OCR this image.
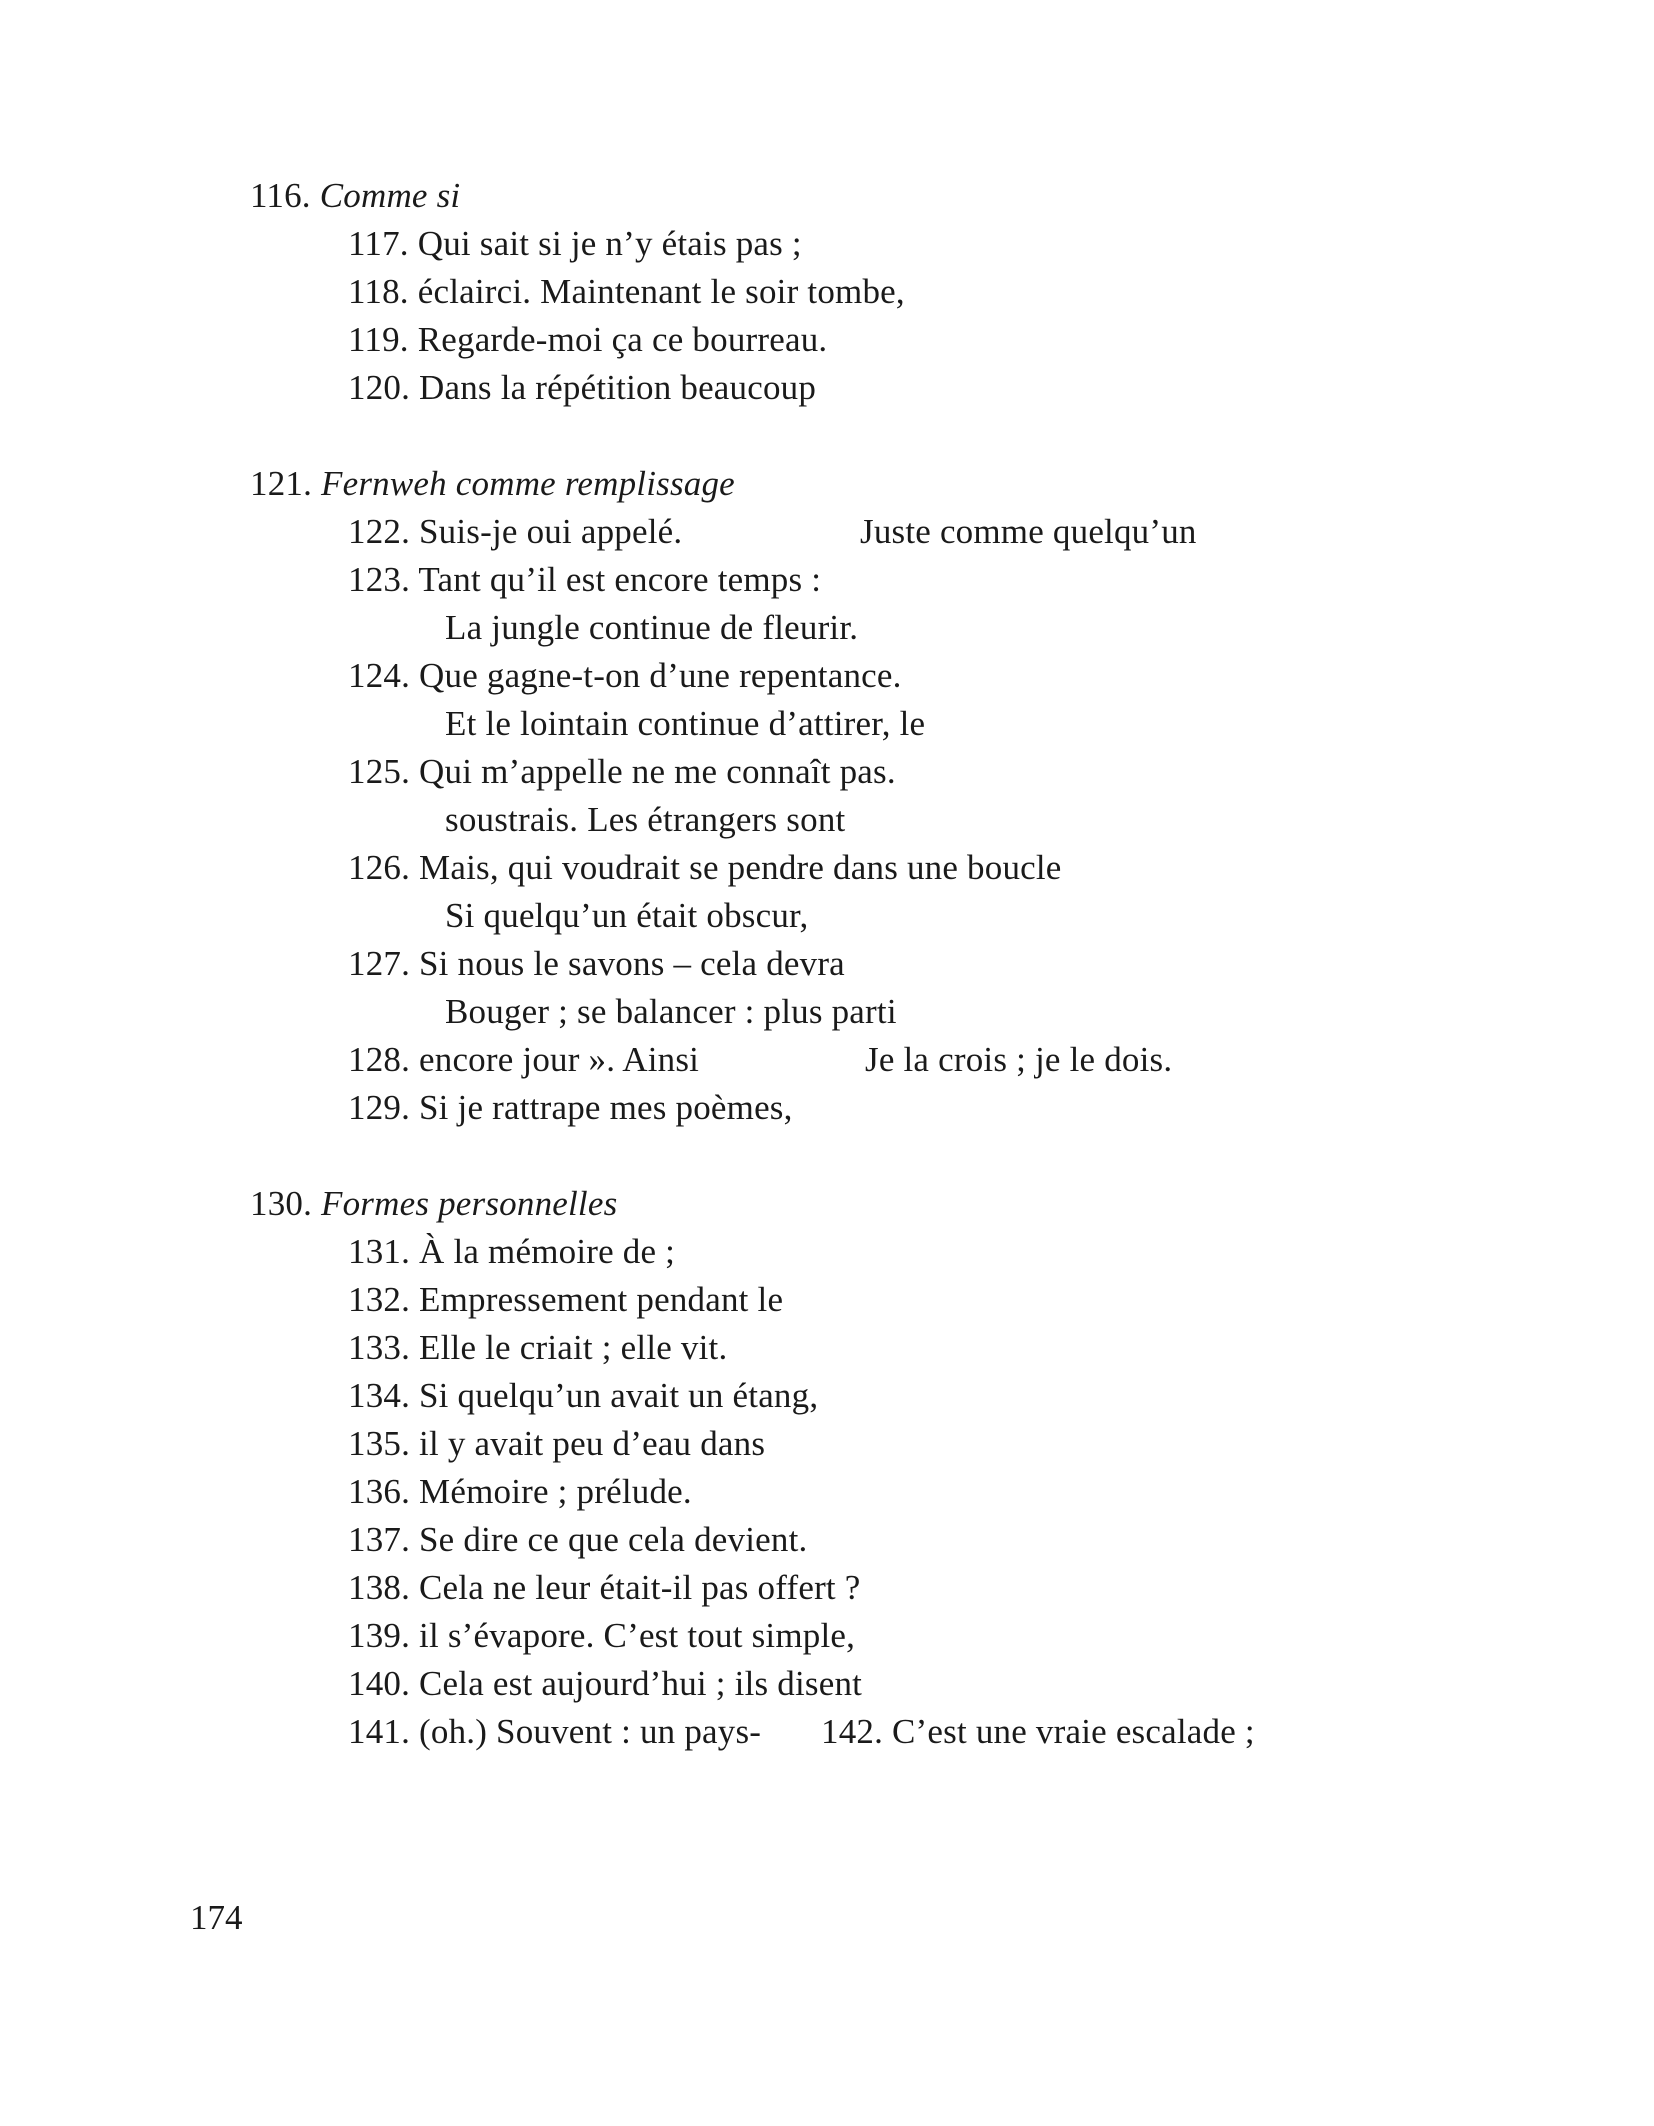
116. Comme si
117. Qui sait si je n’y étais pas ;
118. éclairci. Maintenant le soir tombe,
119. Regarde-moi ça ce bourreau.
120. Dans la répétition beaucoup
121. Fernweh comme remplissage
122. Suis-je oui appelé.	Juste comme quelqu’un
123. Tant qu’il est encore temps :
La jungle continue de fleurir.
124. Que gagne-t-on d’une repentance.
Et le lointain continue d’attirer, le
125. Qui m’appelle ne me connaît pas.
soustrais. Les étrangers sont
126. Mais, qui voudrait se pendre dans une boucle
Si quelqu’un était obscur,
127. Si nous le savons – cela devra
Bouger ; se balancer : plus parti
128. encore jour ». Ainsi	Je la crois ; je le dois.
129. Si je rattrape mes poèmes,
130. Formes personnelles
131. À la mémoire de ;
132. Empressement pendant le
133. Elle le criait ; elle vit.
134. Si quelqu’un avait un étang,
135. il y avait peu d’eau dans
136. Mémoire ; prélude.
137. Se dire ce que cela devient.
138. Cela ne leur était-il pas offert ?
139. il s’évapore. C’est tout simple,
140. Cela est aujourd’hui ; ils disent
141. (oh.) Souvent : un pays- 142. C’est une vraie escalade ;
174
